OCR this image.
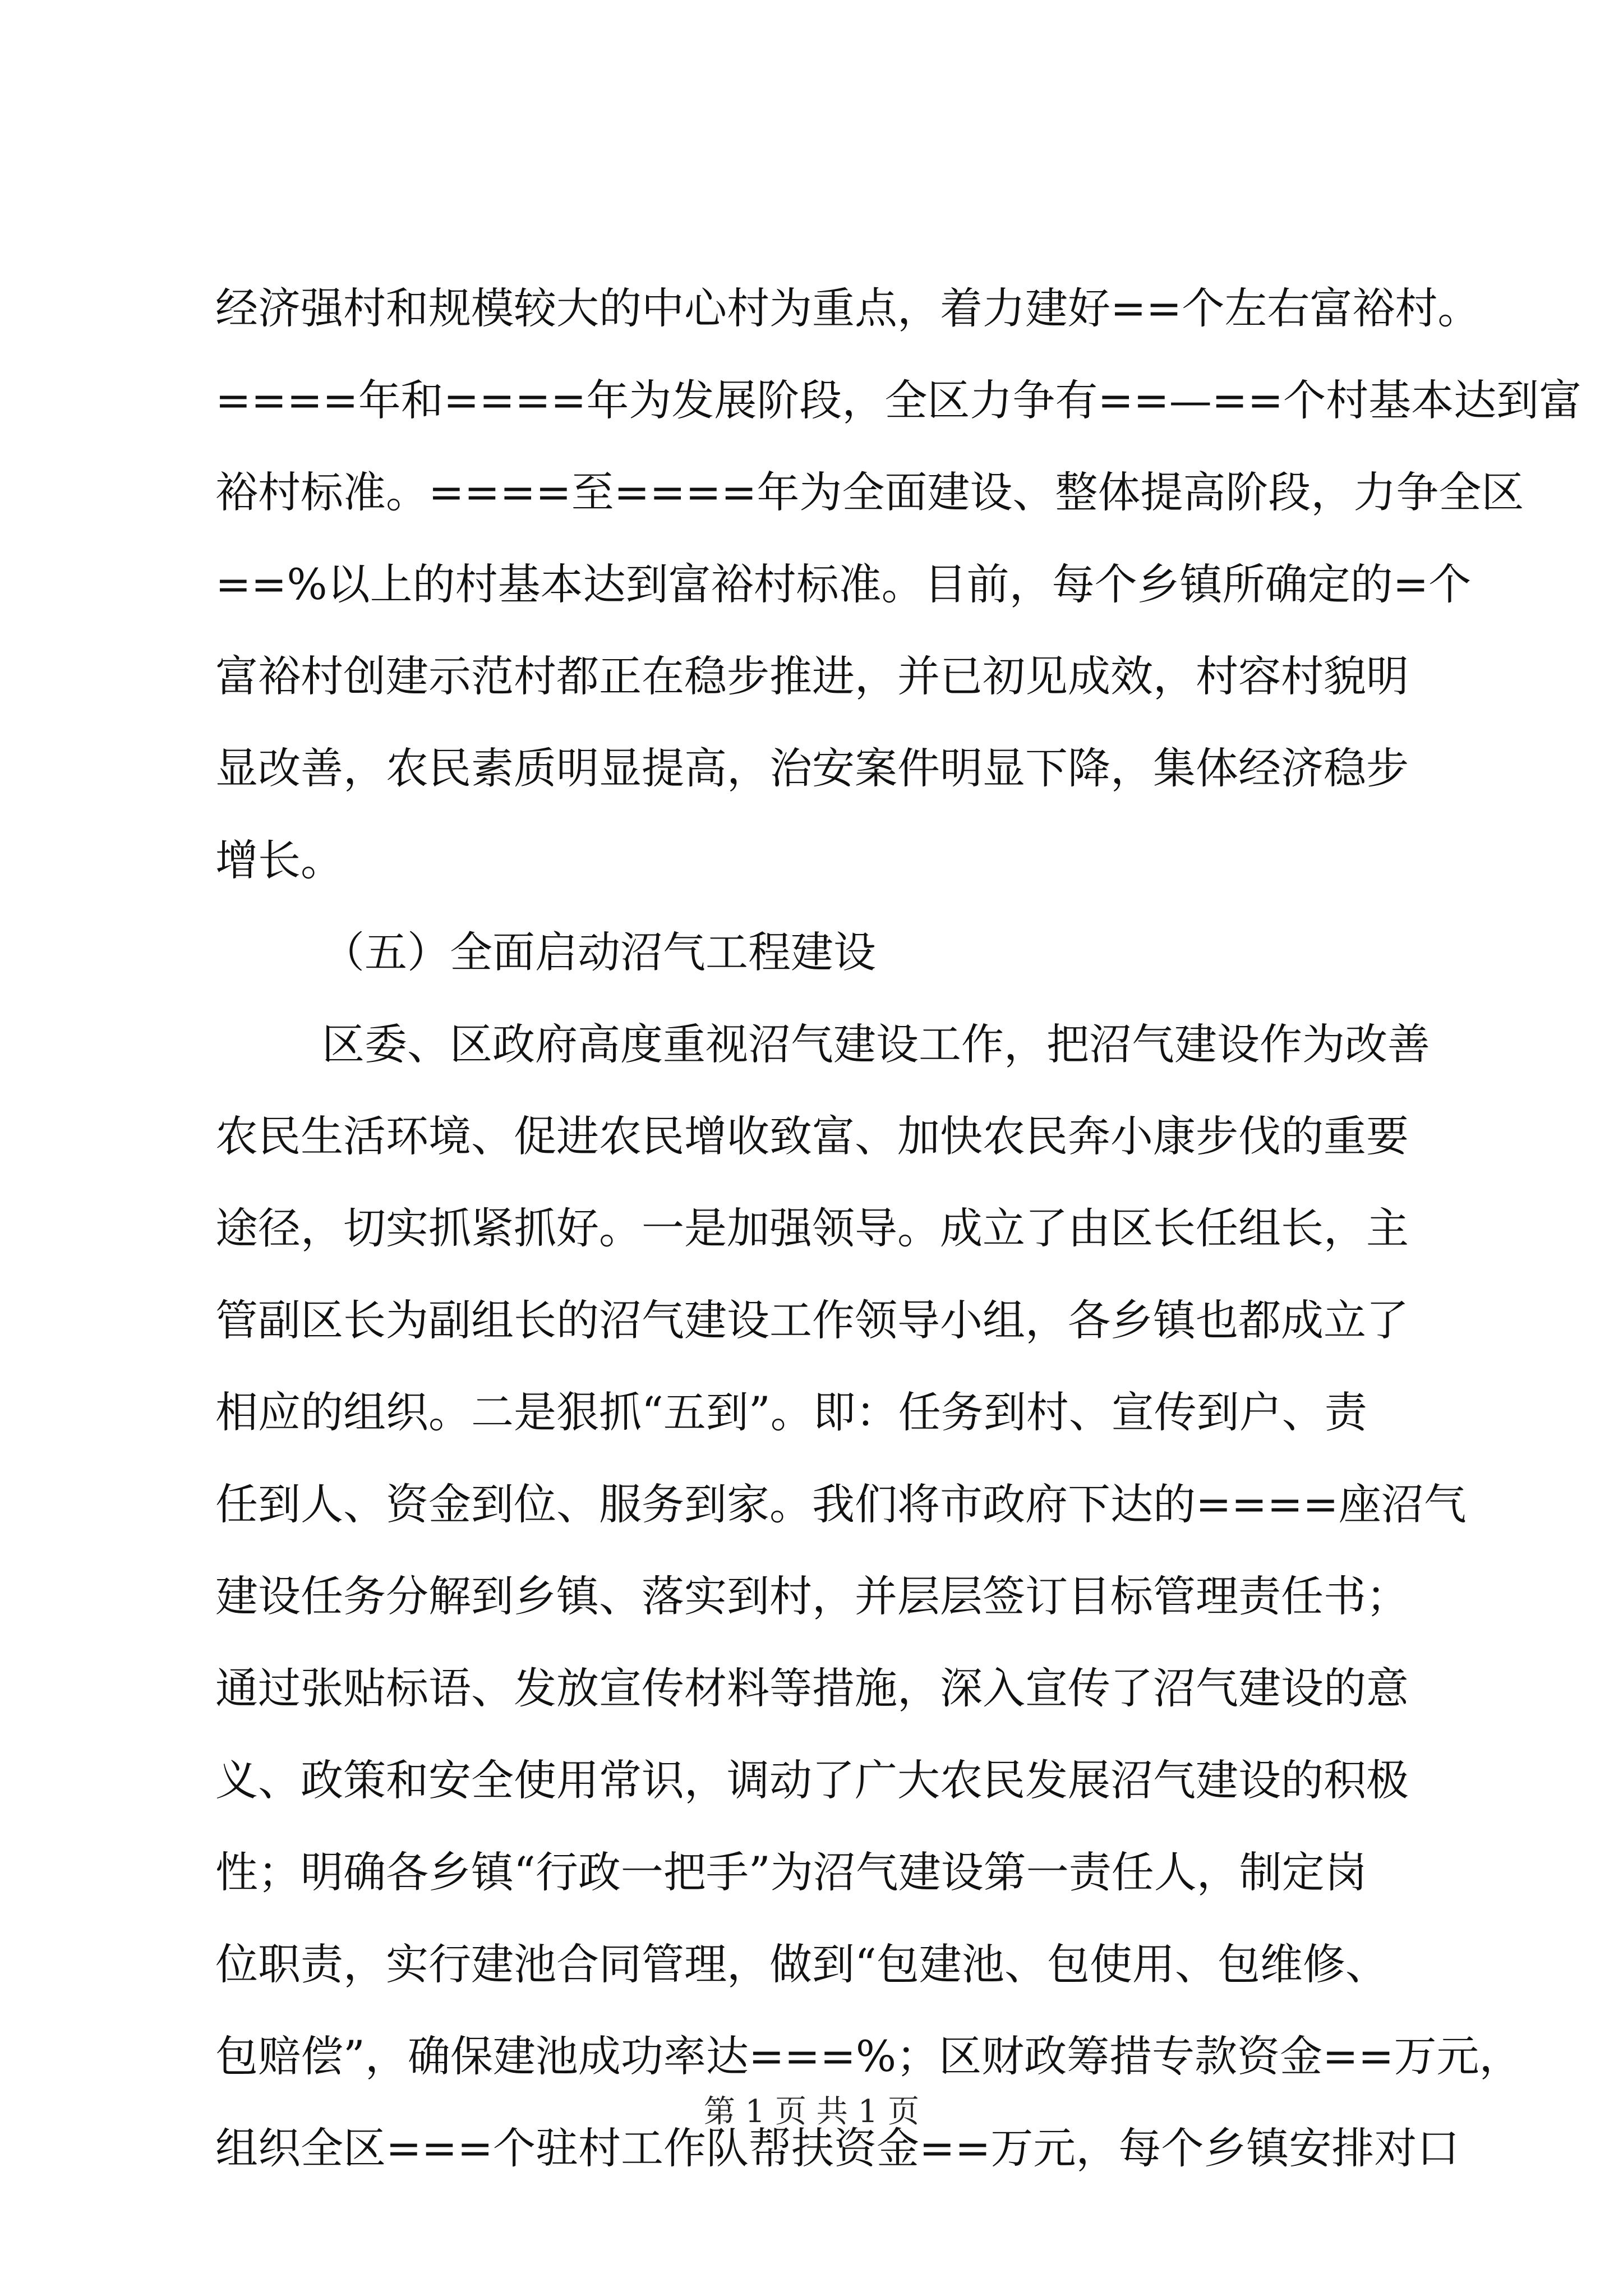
经济强村和规模较大的中心村为重点，着力建好==个左右富裕村。
====年和====年为发展阶段，全区力争有==—==个村基本达到富
裕村标准。====至====年为全面建设、整体提高阶段，力争全区
==%以上的村基本达到富裕村标准。目前，每个乡镇所确定的=个
富裕村创建示范村都正在稳步推进，并已初见成效，村容村貌明
显改善，农民素质明显提高，治安案件明显下降，集体经济稳步
增长。
（五）全面启动沼气工程建设
区委、区政府高度重视沼气建设工作，把沼气建设作为改善
农民生活环境、促进农民增收致富、加快农民奔小康步伐的重要
途径，切实抓紧抓好。一是加强领导。成立了由区长任组长，主
管副区长为副组长的沼气建设工作领导小组，各乡镇也都成立了
相应的组织。二是狠抓“五到”。即：任务到村、宣传到户、责
任到人、资金到位、服务到家。我们将市政府下达的====座沼气
建设任务分解到乡镇、落实到村，并层层签订目标管理责任书；
通过张贴标语、发放宣传材料等措施，深入宣传了沼气建设的意
义、政策和安全使用常识，调动了广大农民发展沼气建设的积极
性；明确各乡镇“行政一把手”为沼气建设第一责任人，制定岗
位职责，实行建池合同管理，做到“包建池、包使用、包维修、
包赔偿”，确保建池成功率达===%；区财政筹措专款资金==万元，
组织全区===个驻村工作队帮扶资金==万元，每个乡镇安排对口
第 1 页 共 1 页
